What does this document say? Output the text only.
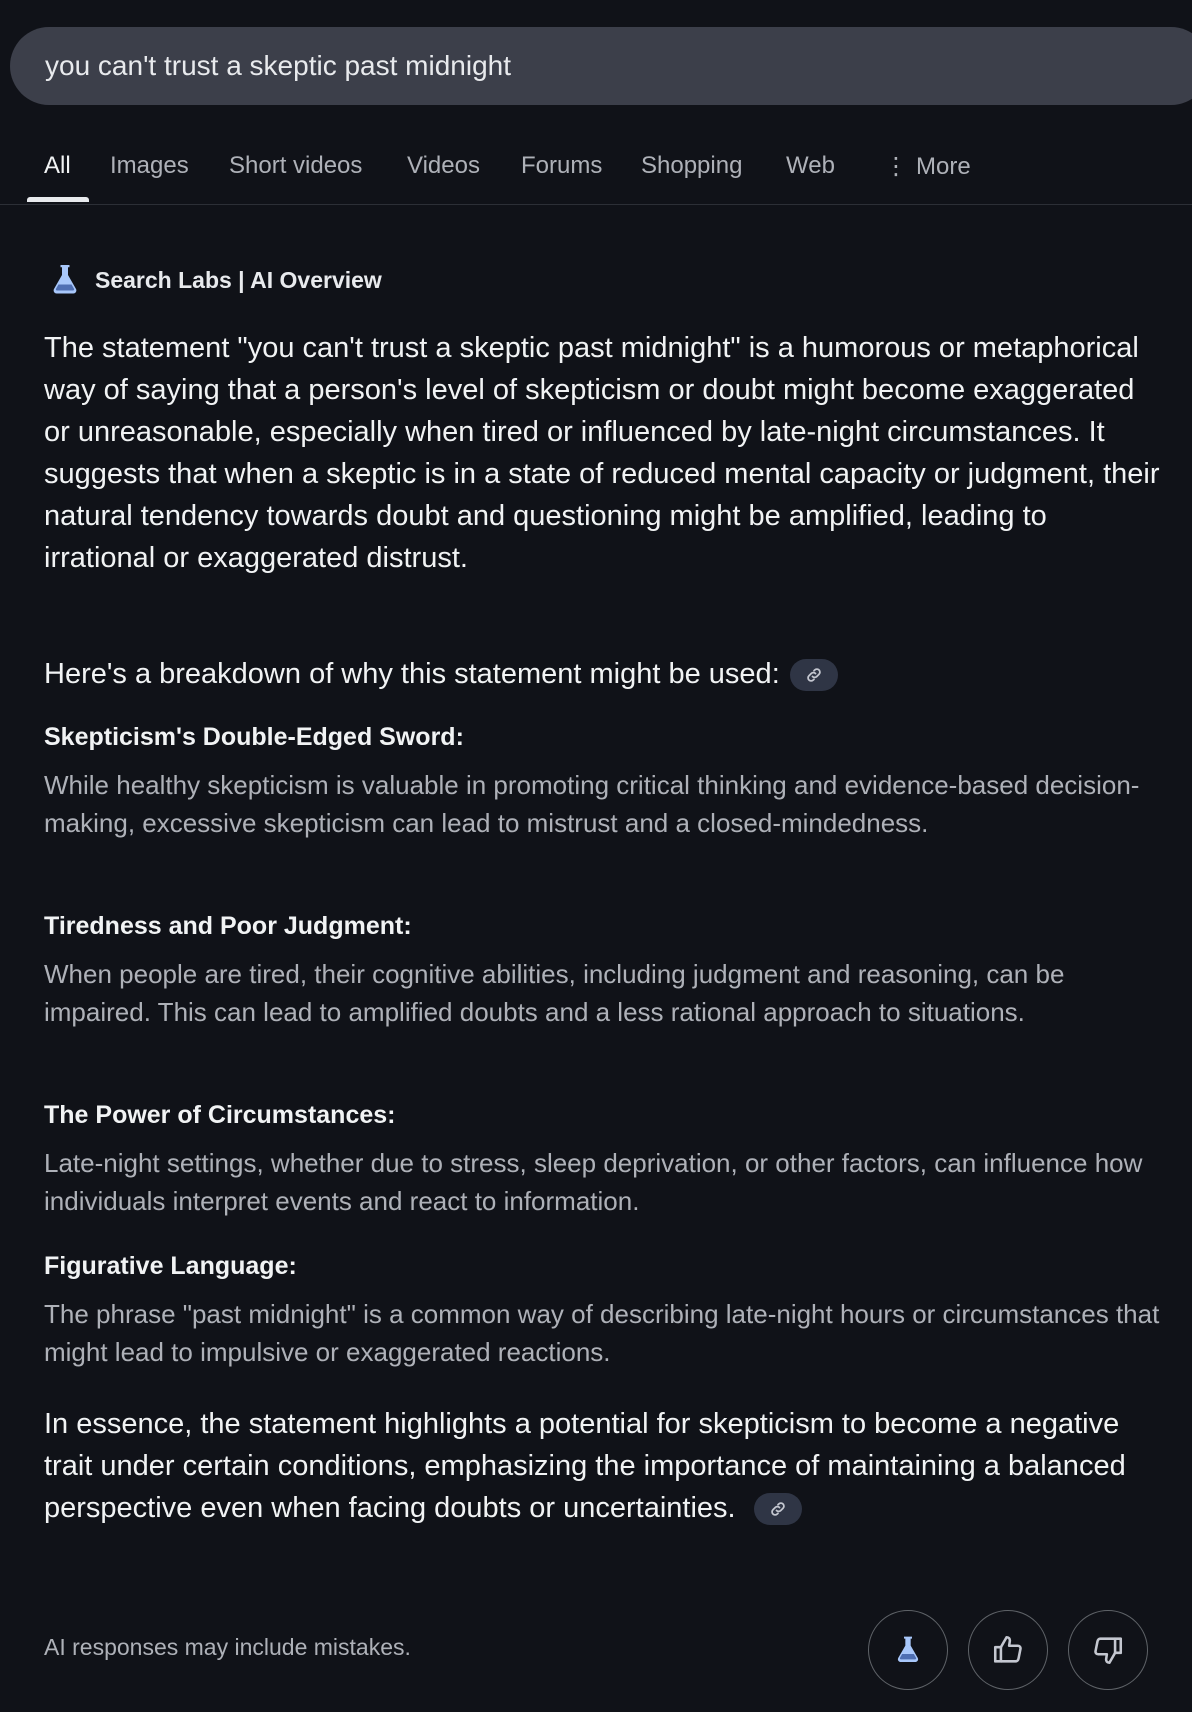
you can't trust a skeptic past midnight
All Images Short videos Videos Forums Shopping Web ⋮ More
Search Labs | AI Overview
The statement "you can't trust a skeptic past midnight" is a humorous or metaphorical way of saying that a person's level of skepticism or doubt might become exaggerated or unreasonable, especially when tired or influenced by late-night circumstances. It suggests that when a skeptic is in a state of reduced mental capacity or judgment, their natural tendency towards doubt and questioning might be amplified, leading to irrational or exaggerated distrust.
Here's a breakdown of why this statement might be used:
Skepticism's Double-Edged Sword:
While healthy skepticism is valuable in promoting critical thinking and evidence-based decision-making, excessive skepticism can lead to mistrust and a closed-mindedness.
Tiredness and Poor Judgment:
When people are tired, their cognitive abilities, including judgment and reasoning, can be impaired. This can lead to amplified doubts and a less rational approach to situations.
The Power of Circumstances:
Late-night settings, whether due to stress, sleep deprivation, or other factors, can influence how individuals interpret events and react to information.
Figurative Language:
The phrase "past midnight" is a common way of describing late-night hours or circumstances that might lead to impulsive or exaggerated reactions.
In essence, the statement highlights a potential for skepticism to become a negative trait under certain conditions, emphasizing the importance of maintaining a balanced perspective even when facing doubts or uncertainties.
AI responses may include mistakes.
